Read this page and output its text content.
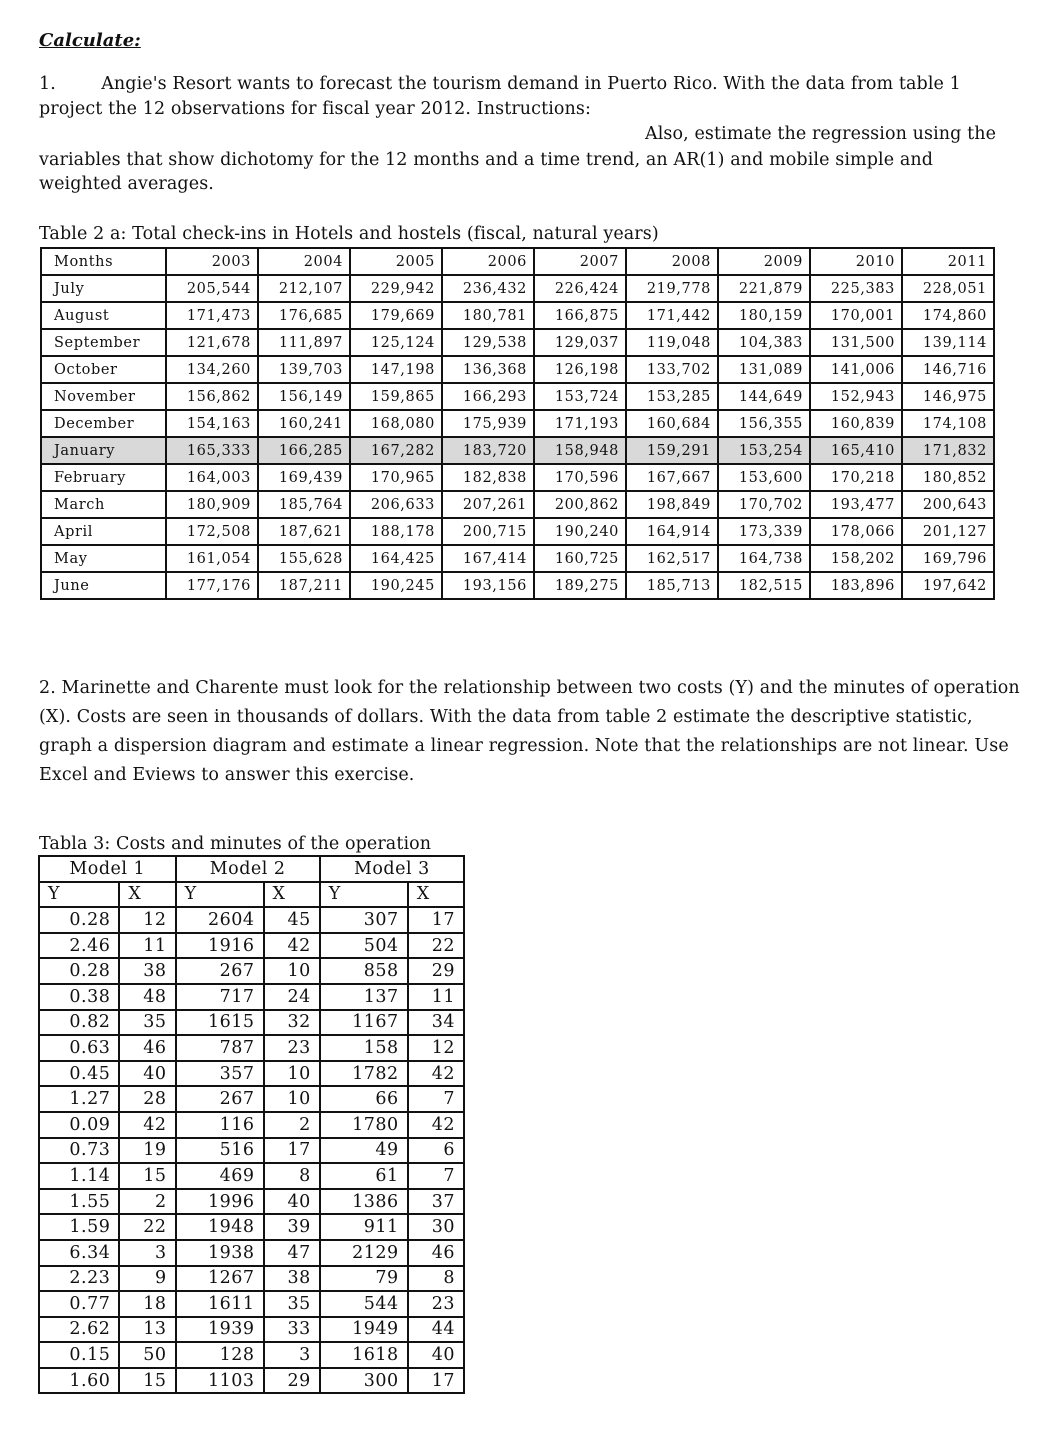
Calculate:
1.        Angie's Resort wants to forecast the tourism demand in Puerto Rico. With the data from table 1
project the 12 observations for fiscal year 2012. Instructions:
Also, estimate the regression using the
variables that show dichotomy for the 12 months and a time trend, an AR(1) and mobile simple and
weighted averages.
Table 2 a: Total check-ins in Hotels and hostels (fiscal, natural years)
Months	2003	2004	2005	2006	2007	2008	2009	2010	2011
July	205,544	212,107	229,942	236,432	226,424	219,778	221,879	225,383	228,051
August	171,473	176,685	179,669	180,781	166,875	171,442	180,159	170,001	174,860
September	121,678	111,897	125,124	129,538	129,037	119,048	104,383	131,500	139,114
October	134,260	139,703	147,198	136,368	126,198	133,702	131,089	141,006	146,716
November	156,862	156,149	159,865	166,293	153,724	153,285	144,649	152,943	146,975
December	154,163	160,241	168,080	175,939	171,193	160,684	156,355	160,839	174,108
January	165,333	166,285	167,282	183,720	158,948	159,291	153,254	165,410	171,832
February	164,003	169,439	170,965	182,838	170,596	167,667	153,600	170,218	180,852
March	180,909	185,764	206,633	207,261	200,862	198,849	170,702	193,477	200,643
April	172,508	187,621	188,178	200,715	190,240	164,914	173,339	178,066	201,127
May	161,054	155,628	164,425	167,414	160,725	162,517	164,738	158,202	169,796
June	177,176	187,211	190,245	193,156	189,275	185,713	182,515	183,896	197,642
2. Marinette and Charente must look for the relationship between two costs (Y) and the minutes of operation (X). Costs are seen in thousands of dollars. With the data from table 2 estimate the descriptive statistic, graph a dispersion diagram and estimate a linear regression. Note that the relationships are not linear. Use Excel and Eviews to answer this exercise.
Tabla 3: Costs and minutes of the operation
Model 1		Model 2		Model 3	
Y	X	Y	X	Y	X
0.28	12	2604	45	307	17
2.46	11	1916	42	504	22
0.28	38	267	10	858	29
0.38	48	717	24	137	11
0.82	35	1615	32	1167	34
0.63	46	787	23	158	12
0.45	40	357	10	1782	42
1.27	28	267	10	66	7
0.09	42	116	2	1780	42
0.73	19	516	17	49	6
1.14	15	469	8	61	7
1.55	2	1996	40	1386	37
1.59	22	1948	39	911	30
6.34	3	1938	47	2129	46
2.23	9	1267	38	79	8
0.77	18	1611	35	544	23
2.62	13	1939	33	1949	44
0.15	50	128	3	1618	40
1.60	15	1103	29	300	17
